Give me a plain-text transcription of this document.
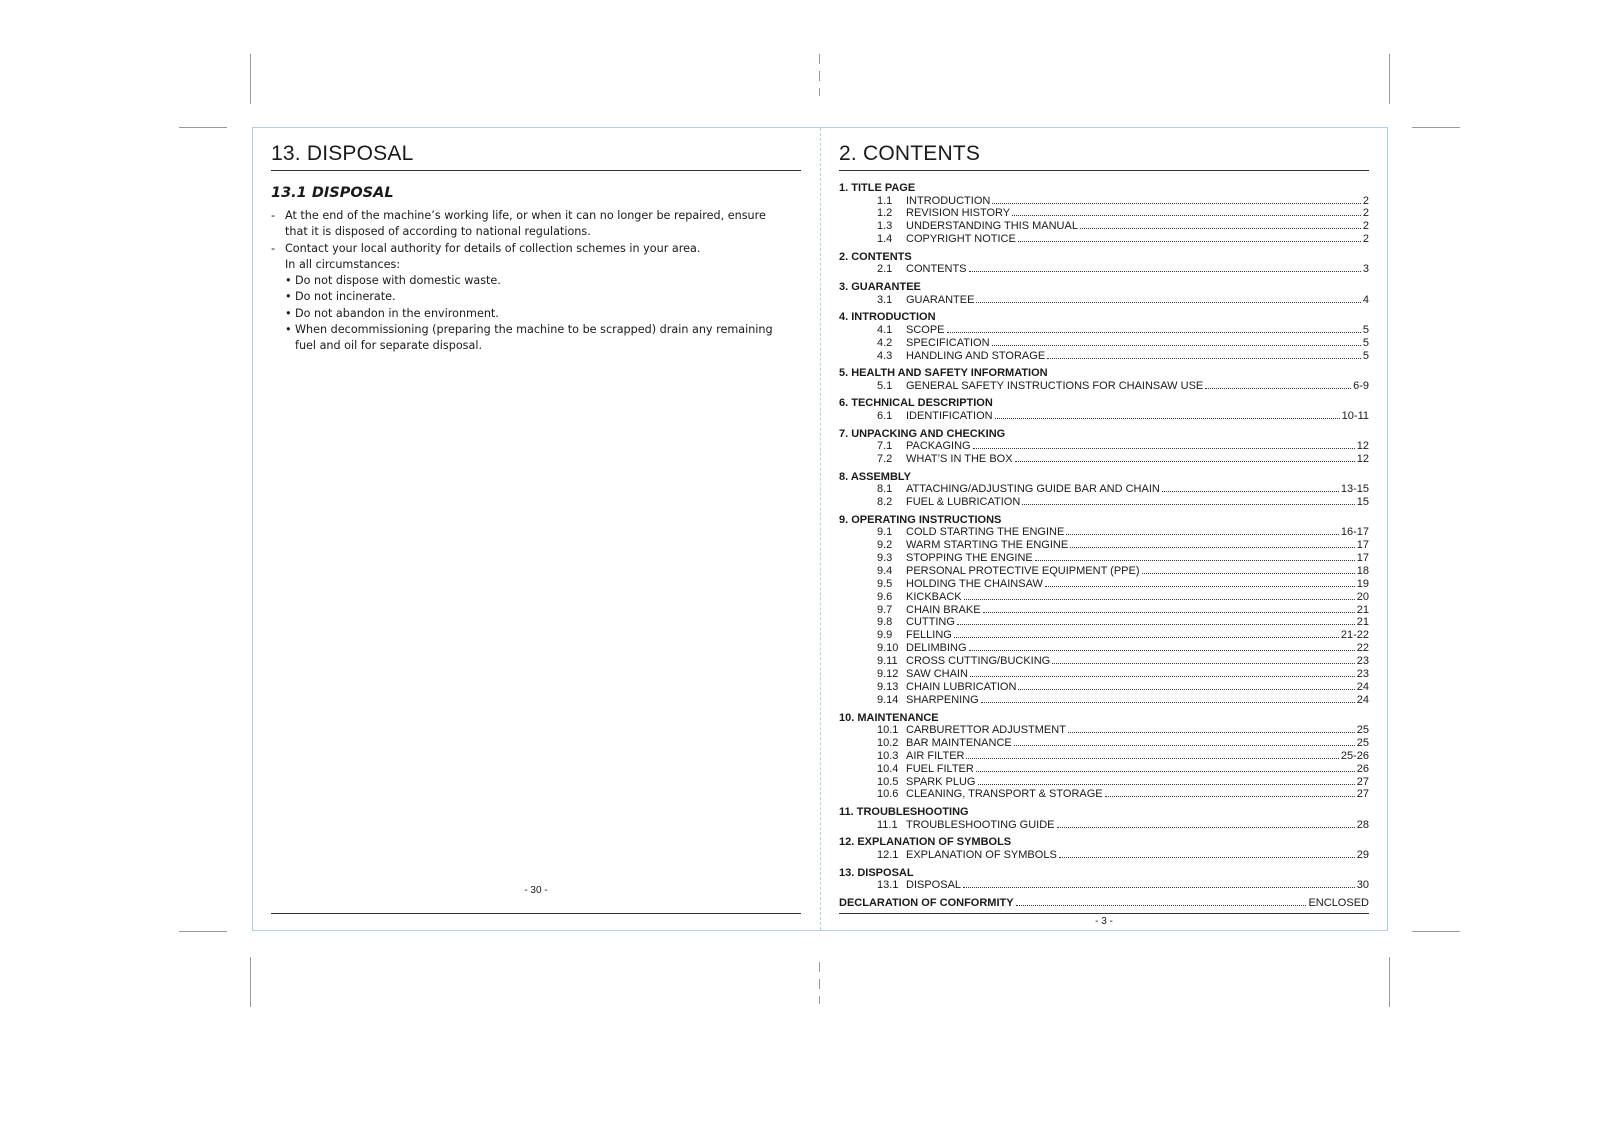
13. DISPOSAL
13.1 DISPOSAL
- At the end of the machine’s working life, or when it can no longer be repaired, ensure that it is disposed of according to national regulations.
- Contact your local authority for details of collection schemes in your area.
In all circumstances:
• Do not dispose with domestic waste.
• Do not incinerate.
• Do not abandon in the environment.
• When decommissioning (preparing the machine to be scrapped) drain any remaining fuel and oil for separate disposal.
- 30 -
2. CONTENTS
1. TITLE PAGE
1.1	INTRODUCTION	2
1.2	REVISION HISTORY	2
1.3	UNDERSTANDING THIS MANUAL	2
1.4	COPYRIGHT NOTICE	2
2. CONTENTS
2.1	CONTENTS	3
3. GUARANTEE
3.1	GUARANTEE	4
4. INTRODUCTION
4.1	SCOPE	5
4.2	SPECIFICATION	5
4.3	HANDLING AND STORAGE	5
5. HEALTH AND SAFETY INFORMATION
5.1	GENERAL SAFETY INSTRUCTIONS FOR CHAINSAW USE	6-9
6. TECHNICAL DESCRIPTION
6.1	IDENTIFICATION	10-11
7. UNPACKING AND CHECKING
7.1	PACKAGING	12
7.2	WHAT’S IN THE BOX	12
8. ASSEMBLY
8.1	ATTACHING/ADJUSTING GUIDE BAR AND CHAIN	13-15
8.2	FUEL & LUBRICATION	15
9. OPERATING INSTRUCTIONS
9.1	COLD STARTING THE ENGINE	16-17
9.2	WARM STARTING THE ENGINE	17
9.3	STOPPING THE ENGINE	17
9.4	PERSONAL PROTECTIVE EQUIPMENT (PPE)	18
9.5	HOLDING THE CHAINSAW	19
9.6	KICKBACK	20
9.7	CHAIN BRAKE	21
9.8	CUTTING	21
9.9	FELLING	21-22
9.10 DELIMBING	22
9.11 CROSS CUTTING/BUCKING	23
9.12 SAW CHAIN	23
9.13 CHAIN LUBRICATION	24
9.14 SHARPENING	24
10. MAINTENANCE
10.1 CARBURETTOR ADJUSTMENT	25
10.2 BAR MAINTENANCE	25
10.3 AIR FILTER	25-26
10.4 FUEL FILTER	26
10.5 SPARK PLUG	27
10.6 CLEANING, TRANSPORT & STORAGE	27
11. TROUBLESHOOTING
11.1 TROUBLESHOOTING GUIDE	28
12. EXPLANATION OF SYMBOLS
12.1 EXPLANATION OF SYMBOLS	29
13. DISPOSAL
13.1 DISPOSAL	30
DECLARATION OF CONFORMITY	ENCLOSED
- 3 -
